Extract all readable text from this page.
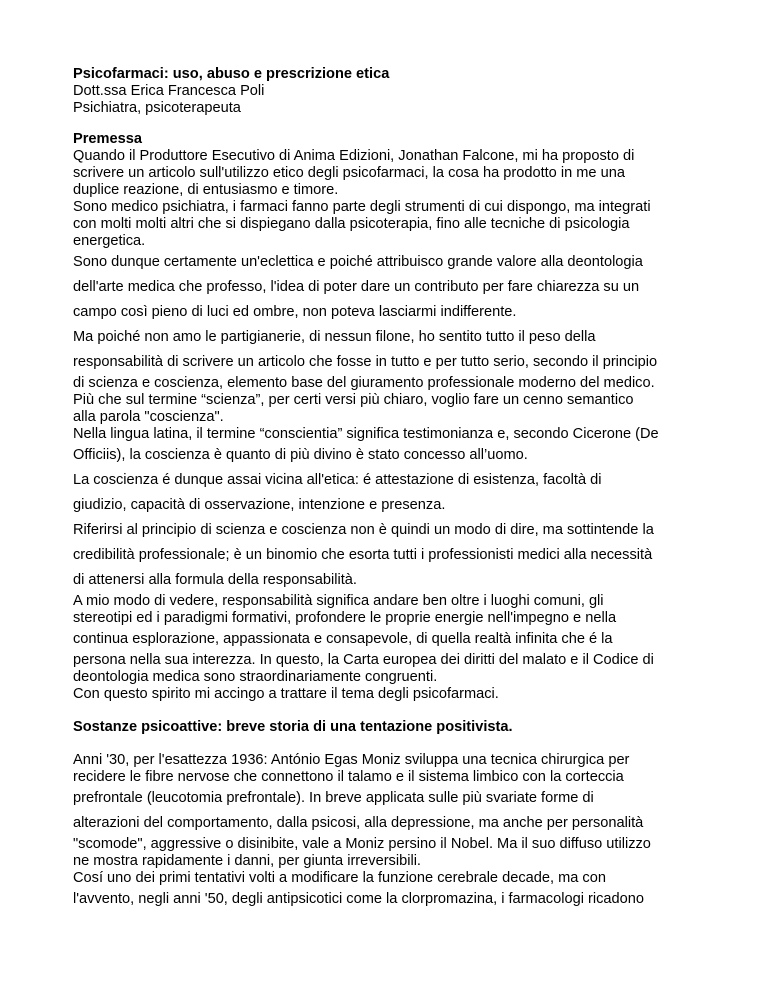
Psicofarmaci: uso, abuso e prescrizione etica

Dott.ssa Erica Francesca Poli

Psichiatra, psicoterapeuta

Premessa

Quando il Produttore Esecutivo di Anima Edizioni, Jonathan Falcone, mi ha proposto di
scrivere un articolo sull'utilizzo etico degli psicofarmaci, la cosa ha prodotto in me una
duplice reazione, di entusiasmo e timore.
Sono medico psichiatra, i farmaci fanno parte degli strumenti di cui dispongo, ma integrati
con molti molti altri che si dispiegano dalla psicoterapia, fino alle tecniche di psicologia
energetica.

Sono dunque certamente un'eclettica e poiché attribuisco grande valore alla deontologia
dell'arte medica che professo, l'idea di poter dare un contributo per fare chiarezza su un
campo così pieno di luci ed ombre, non poteva lasciarmi indifferente.

Ma poiché non amo le partigianerie, di nessun filone, ho sentito tutto il peso della
responsabilità di scrivere un articolo che fosse in tutto e per tutto serio, secondo il principio

di scienza e coscienza, elemento base del giuramento professionale moderno del medico.
Più che sul termine “scienza”, per certi versi più chiaro, voglio fare un cenno semantico
alla parola "coscienza".
Nella lingua latina, il termine “conscientia” significa testimonianza e, secondo Cicerone (De

Officiis), la coscienza è quanto di più divino è stato concesso all’uomo.
La coscienza é dunque assai vicina all'etica: é attestazione di esistenza, facoltà di
giudizio, capacità di osservazione, intenzione e presenza.
Riferirsi al principio di scienza e coscienza non è quindi un modo di dire, ma sottintende la
credibilità professionale; è un binomio che esorta tutti i professionisti medici alla necessità
di attenersi alla formula della responsabilità.

A mio modo di vedere, responsabilità significa andare ben oltre i luoghi comuni, gli
stereotipi ed i paradigmi formativi, profondere le proprie energie nell'impegno e nella

continua esplorazione, appassionata e consapevole, di quella realtà infinita che é la

persona nella sua interezza. In questo, la Carta europea dei diritti del malato e il Codice di
deontologia medica sono straordinariamente congruenti.
Con questo spirito mi accingo a trattare il tema degli psicofarmaci.

Sostanze psicoattive: breve storia di una tentazione positivista.

Anni '30, per l'esattezza 1936: António Egas Moniz sviluppa una tecnica chirurgica per
recidere le fibre nervose che connettono il talamo e il sistema limbico con la corteccia

prefrontale (leucotomia prefrontale). In breve applicata sulle più svariate forme di
alterazioni del comportamento, dalla psicosi, alla depressione, ma anche per personalità

"scomode", aggressive o disinibite, vale a Moniz persino il Nobel. Ma il suo diffuso utilizzo
ne mostra rapidamente i danni, per giunta irreversibili.
Cosí uno dei primi tentativi volti a modificare la funzione cerebrale decade, ma con

l'avvento, negli anni '50, degli antipsicotici come la clorpromazina, i farmacologi ricadono
